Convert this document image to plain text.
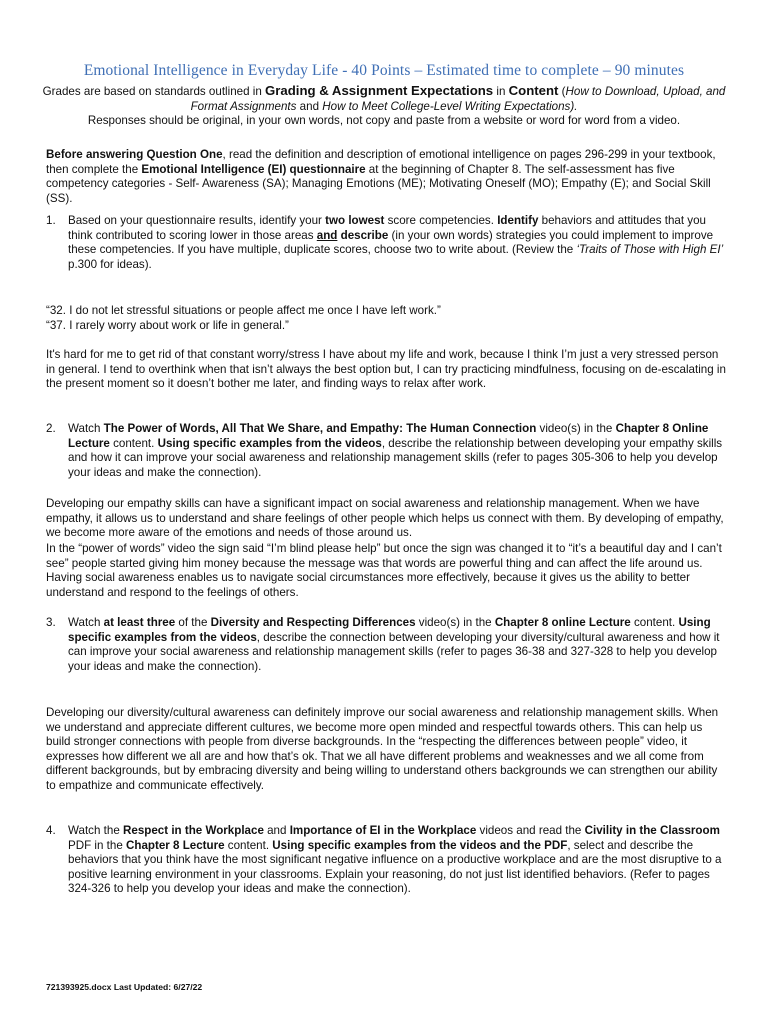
Emotional Intelligence in Everyday Life - 40 Points – Estimated time to complete – 90 minutes
Grades are based on standards outlined in Grading & Assignment Expectations in Content (How to Download, Upload, and Format Assignments and How to Meet College-Level Writing Expectations).
Responses should be original, in your own words, not copy and paste from a website or word for word from a video.
Before answering Question One, read the definition and description of emotional intelligence on pages 296-299 in your textbook, then complete the Emotional Intelligence (EI) questionnaire at the beginning of Chapter 8. The self-assessment has five competency categories - Self- Awareness (SA); Managing Emotions (ME); Motivating Oneself (MO); Empathy (E); and Social Skill (SS).
1.	Based on your questionnaire results, identify your two lowest score competencies. Identify behaviors and attitudes that you think contributed to scoring lower in those areas and describe (in your own words) strategies you could implement to improve these competencies. If you have multiple, duplicate scores, choose two to write about. (Review the ‘Traits of Those with High EI’ p.300 for ideas).
“32. I do not let stressful situations or people affect me once I have left work.”
“37. I rarely worry about work or life in general.”
It's hard for me to get rid of that constant worry/stress I have about my life and work, because I think I’m just a very stressed person in general. I tend to overthink when that isn’t always the best option but, I can try practicing mindfulness, focusing on de-escalating in the present moment so it doesn’t bother me later, and finding ways to relax after work.
2.	Watch The Power of Words, All That We Share, and Empathy: The Human Connection video(s) in the Chapter 8 Online Lecture content. Using specific examples from the videos, describe the relationship between developing your empathy skills and how it can improve your social awareness and relationship management skills (refer to pages 305-306 to help you develop your ideas and make the connection).
Developing our empathy skills can have a significant impact on social awareness and relationship management. When we have empathy, it allows us to understand and share feelings of other people which helps us connect with them. By developing of empathy, we become more aware of the emotions and needs of those around us.
In the “power of words” video the sign said “I’m blind please help” but once the sign was changed it to “it’s a beautiful day and I can’t see” people started giving him money because the message was that words are powerful thing and can affect the life around us. Having social awareness enables us to navigate social circumstances more effectively, because it gives us the ability to better understand and respond to the feelings of others.
3.	Watch at least three of the Diversity and Respecting Differences video(s) in the Chapter 8 online Lecture content. Using specific examples from the videos, describe the connection between developing your diversity/cultural awareness and how it can improve your social awareness and relationship management skills (refer to pages 36-38 and 327-328 to help you develop your ideas and make the connection).
Developing our diversity/cultural awareness can definitely improve our social awareness and relationship management skills. When we understand and appreciate different cultures, we become more open minded and respectful towards others. This can help us build stronger connections with people from diverse backgrounds. In the “respecting the differences between people” video, it expresses how different we all are and how that’s ok. That we all have different problems and weaknesses and we all come from different backgrounds, but by embracing diversity and being willing to understand others backgrounds we can strengthen our ability to empathize and communicate effectively.
4.	Watch the Respect in the Workplace and Importance of EI in the Workplace videos and read the Civility in the Classroom PDF in the Chapter 8 Lecture content. Using specific examples from the videos and the PDF, select and describe the behaviors that you think have the most significant negative influence on a productive workplace and are the most disruptive to a positive learning environment in your classrooms. Explain your reasoning, do not just list identified behaviors. (Refer to pages 324-326 to help you develop your ideas and make the connection).
721393925.docx Last Updated: 6/27/22
